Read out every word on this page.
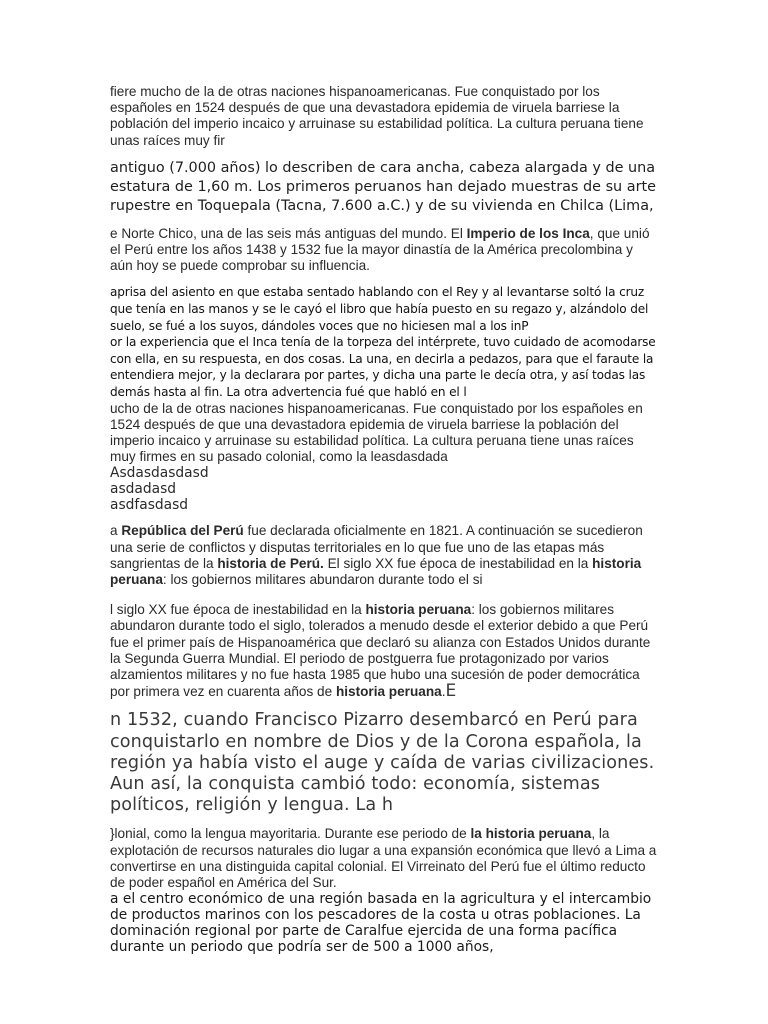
fiere mucho de la de otras naciones hispanoamericanas. Fue conquistado por los españoles en 1524 después de que una devastadora epidemia de viruela barriese la población del imperio incaico y arruinase su estabilidad política. La cultura peruana tiene unas raíces muy fir

antiguo (7.000 años) lo describen de cara ancha, cabeza alargada y de una estatura de 1,60 m. Los primeros peruanos han dejado muestras de su arte rupestre en Toquepala (Tacna, 7.600 a.C.) y de su vivienda en Chilca (Lima,

e Norte Chico, una de las seis más antiguas del mundo. El Imperio de los Inca, que unió el Perú entre los años 1438 y 1532 fue la mayor dinastía de la América precolombina y aún hoy se puede comprobar su influencia.

aprisa del asiento en que estaba sentado hablando con el Rey y al levantarse soltó la cruz que tenía en las manos y se le cayó el libro que había puesto en su regazo y, alzándolo del suelo, se fué a los suyos, dándoles voces que no hiciesen mal a los inP

or la experiencia que el Inca tenía de la torpeza del intérprete, tuvo cuidado de acomodarse con ella, en su respuesta, en dos cosas. La una, en decirla a pedazos, para que el faraute la entendiera mejor, y la declarara por partes, y dicha una parte le decía otra, y así todas las demás hasta al fin. La otra advertencia fué que habló en el l

ucho de la de otras naciones hispanoamericanas. Fue conquistado por los españoles en 1524 después de que una devastadora epidemia de viruela barriese la población del imperio incaico y arruinase su estabilidad política. La cultura peruana tiene unas raíces muy firmes en su pasado colonial, como la leasdasdada

Asdasdasdasd

asdadasd

asdfasdasd

a República del Perú fue declarada oficialmente en 1821. A continuación se sucedieron una serie de conflictos y disputas territoriales en lo que fue uno de las etapas más sangrientas de la historia de Perú. El siglo XX fue época de inestabilidad en la historia peruana: los gobiernos militares abundaron durante todo el si

l siglo XX fue época de inestabilidad en la historia peruana: los gobiernos militares abundaron durante todo el siglo, tolerados a menudo desde el exterior debido a que Perú fue el primer país de Hispanoamérica que declaró su alianza con Estados Unidos durante la Segunda Guerra Mundial. El periodo de postguerra fue protagonizado por varios alzamientos militares y no fue hasta 1985 que hubo una sucesión de poder democrática por primera vez en cuarenta años de historia peruana.E

n 1532, cuando Francisco Pizarro desembarcó en Perú para conquistarlo en nombre de Dios y de la Corona española, la región ya había visto el auge y caída de varias civilizaciones. Aun así, la conquista cambió todo: economía, sistemas políticos, religión y lengua. La h

}lonial, como la lengua mayoritaria. Durante ese periodo de la historia peruana, la explotación de recursos naturales dio lugar a una expansión económica que llevó a Lima a convertirse en una distinguida capital colonial. El Virreinato del Perú fue el último reducto de poder español en América del Sur.

a el centro económico de una región basada en la agricultura y el intercambio de productos marinos con los pescadores de la costa u otras poblaciones. La dominación regional por parte de Caralfue ejercida de una forma pacífica durante un periodo que podría ser de 500 a 1000 años,
